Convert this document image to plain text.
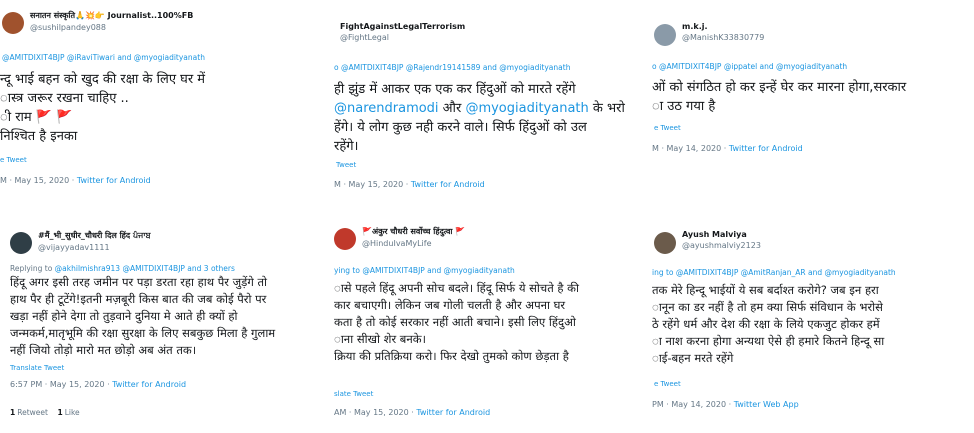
सनातन संस्कृति🙏💥👉 Journalist..100%FB
@sushilpandey088
@AMITDIXIT4BJP @iRaviTiwari and @myogiadityanath
न्दू भाई बहन को खुद की रक्षा के लिए घर में
ास्त्र जरूर रखना चाहिए ..
ी राम 🚩 🚩
निश्चित है इनका
e Tweet
M · May 15, 2020 · Twitter for Android
FightAgainstLegalTerrorism
@FightLegal
o @AMITDIXIT4BJP @Rajendr19141589 and @myogiadityanath
ही झुंड में आकर एक एक कर हिंदुओं को मारते रहेंगे
@narendramodi और @myogiadityanath के भरो
हेंगे। ये लोग कुछ नही करने वाले। सिर्फ हिंदुओं को उल
रहेंगे।
Tweet
M · May 15, 2020 · Twitter for Android
m.k.j.
@ManishK33830779
o @AMITDIXIT4BJP @ippatel and @myogiadityanath
ओं को संगठित हो कर इन्हें घेर कर मारना होगा,सरकार
ा उठ गया है
e Tweet
M · May 14, 2020 · Twitter for Android
#मैं_भी_सुधीर_चौधरी दिल हिंद ਪੰਜਾਬ
@vijayyadav1111
Replying to @akhilmishra913 @AMITDIXIT4BJP and 3 others
हिंदू अगर इसी तरह जमीन पर पड़ा डरता रहा हाथ पैर जुड़ेंगे तो
हाथ पैर ही टूटेंगे!इतनी मज़बूरी किस बात की जब कोई पैरो पर
खड़ा नहीं होने देगा तो तुड़वाने दुनिया मे आते ही क्यों हो
जन्मकर्म,मातृभूमि की रक्षा सुरक्षा के लिए सबकुछ मिला है गुलाम
नहीं जियो तोड़ो मारो मत छोड़ो अब अंत तक।
Translate Tweet
6:57 PM · May 15, 2020 · Twitter for Android
1 Retweet 1 Like
🚩अंकुर चौधरी सर्वोच्च हिंदुत्वा 🚩
@HinduIvaMyLife
ying to @AMITDIXIT4BJP and @myogiadityanath
ासे पहले हिंदू अपनी सोच बदले। हिंदू सिर्फ ये सोचते है की
कार बचाएगी। लेकिन जब गोली चलती है और अपना घर
कता है तो कोई सरकार नहीं आती बचाने। इसी लिए हिंदुओ
ाना सीखो शेर बनके।
क्रिया की प्रतिक्रिया करो। फिर देखो तुमको कोण छेड़ता है
slate Tweet
AM · May 15, 2020 · Twitter for Android
Ayush Malviya
@ayushmalviy2123
ing to @AMITDIXIT4BJP @AmitRanjan_AR and @myogiadityanath
तक मेरे हिन्दू भाईयों ये सब बर्दाश्त करोगे? जब इन हरा
ानून का डर नहीं है तो हम क्या सिर्फ संविधान के भरोसे
ठे रहेंगे धर्म और देश की रक्षा के लिये एकजुट होकर हमें
ा नाश करना होगा अन्यथा ऐसे ही हमारे कितने हिन्दू सा
ाई-बहन मरते रहेंगे
e Tweet
PM · May 14, 2020 · Twitter Web App
